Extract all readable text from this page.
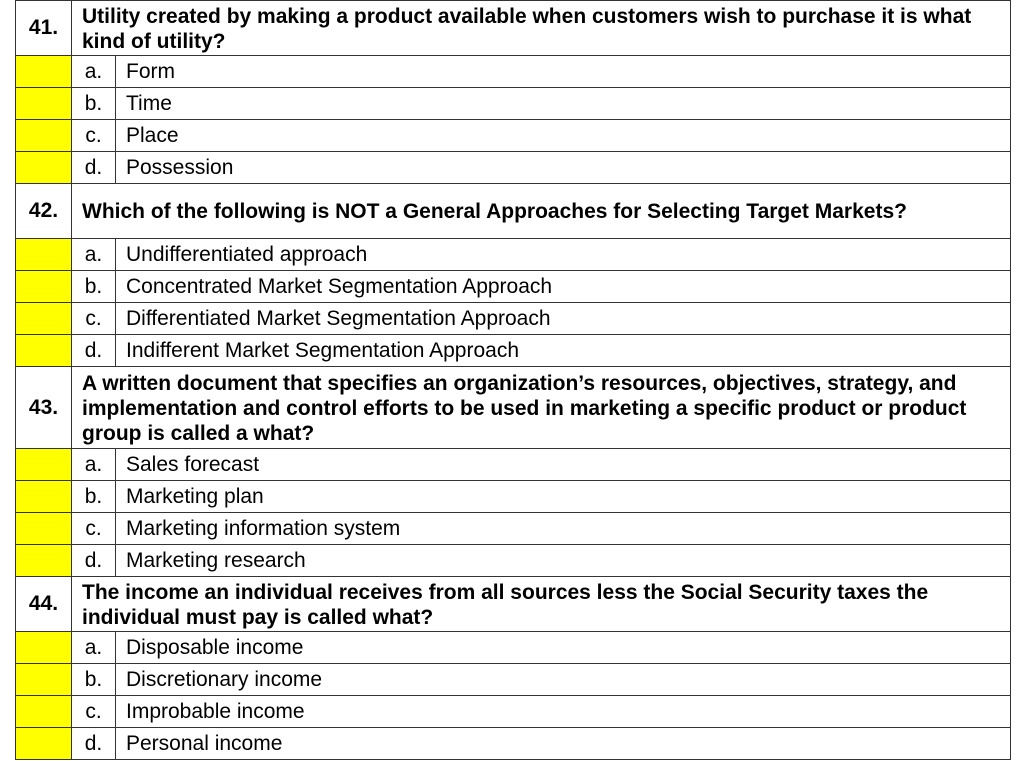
41.	Utility created by making a product available when customers wish to purchase it is what kind of utility?	
	a.	Form
	b.	Time
	c.	Place
	d.	Possession
42.	Which of the following is NOT a General Approaches for Selecting Target Markets?	
	a.	Undifferentiated approach
	b.	Concentrated Market Segmentation Approach
	c.	Differentiated Market Segmentation Approach
	d.	Indifferent Market Segmentation Approach
43.	A written document that specifies an organization’s resources, objectives, strategy, and implementation and control efforts to be used in marketing a specific product or product group is called a what?	
	a.	Sales forecast
	b.	Marketing plan
	c.	Marketing information system
	d.	Marketing research
44.	The income an individual receives from all sources less the Social Security taxes the individual must pay is called what?	
	a.	Disposable income
	b.	Discretionary income
	c.	Improbable income
	d.	Personal income
